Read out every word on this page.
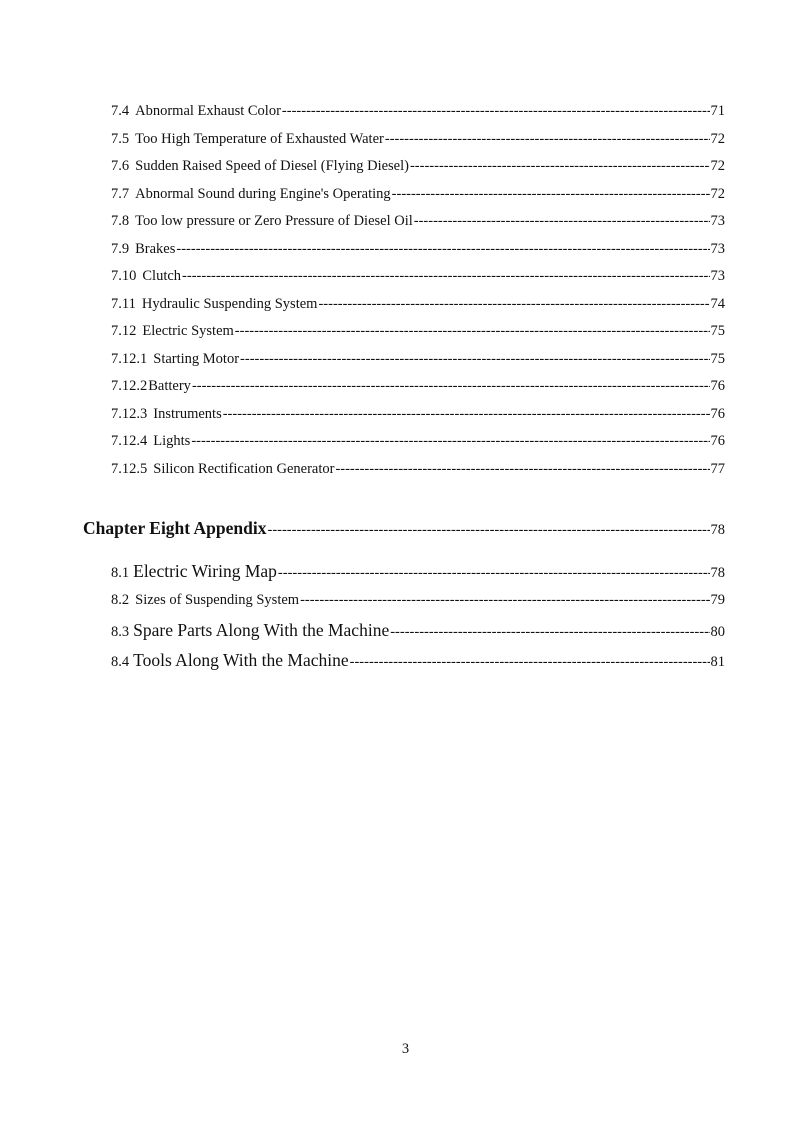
7.4 Abnormal Exhaust Color -----	71
7.5 Too High Temperature of Exhausted Water -----	72
7.6 Sudden Raised Speed of Diesel (Flying Diesel) -----	72
7.7 Abnormal Sound during Engine's Operating -----	72
7.8 Too low pressure or Zero Pressure of Diesel Oil -----	73
7.9 Brakes -----	73
7.10 Clutch -----	73
7.11 Hydraulic Suspending System -----	74
7.12 Electric System -----	75
7.12.1 Starting Motor -----	75
7.12.2 Battery -----	76
7.12.3 Instruments -----	76
7.12.4 Lights -----	76
7.12.5 Silicon Rectification Generator -----	77
Chapter Eight Appendix -----	78
8.1 Electric Wiring Map -----	78
8.2 Sizes of Suspending System -----	79
8.3 Spare Parts Along With the Machine -----	80
8.4 Tools Along With the Machine -----	81
3
